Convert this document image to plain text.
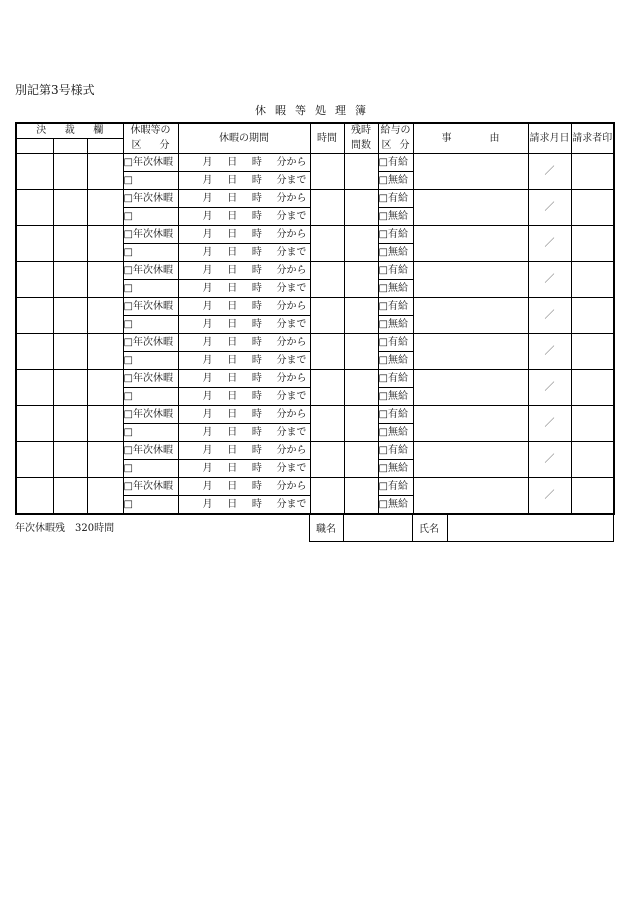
別記第3号様式
休暇等処理簿
決 裁 欄			休暇等の	休暇の期間	時間	残時	給与の	事 由	請求月日	請求者印

			区 分			間数	区 分			

			□年次休暇	月 日 時 分から			□有給		／	
			□	月 日 時 分まで			□無給			
			□年次休暇	月 日 時 分から			□有給		／	
			□	月 日 時 分まで			□無給			
			□年次休暇	月 日 時 分から			□有給		／	
			□	月 日 時 分まで			□無給			
			□年次休暇	月 日 時 分から			□有給		／	
			□	月 日 時 分まで			□無給			
			□年次休暇	月 日 時 分から			□有給		／	
			□	月 日 時 分まで			□無給			
			□年次休暇	月 日 時 分から			□有給		／	
			□	月 日 時 分まで			□無給			
			□年次休暇	月 日 時 分から			□有給		／	
			□	月 日 時 分まで			□無給			
			□年次休暇	月 日 時 分から			□有給		／	
			□	月 日 時 分まで			□無給			
			□年次休暇	月 日 時 分から			□有給		／	
			□	月 日 時 分まで			□無給			
			□年次休暇	月 日 時 分から			□有給		／	
			□	月 日 時 分まで			□無給			
年次休暇残　320時間	職名		氏名	
